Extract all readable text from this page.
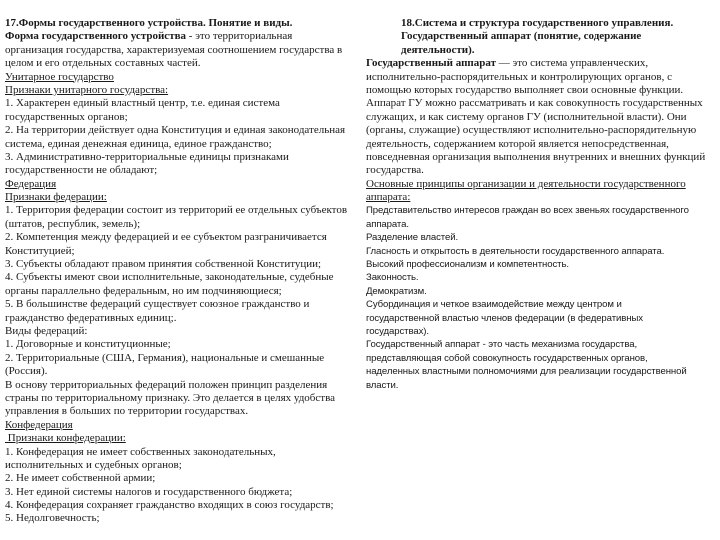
17.Формы государственного устройства. Понятие и виды.
Форма государственного устройства - это территориальная
организация государства, характеризуемая соотношением государства в
целом и его отдельных составных частей.
Унитарное государство
Признаки унитарного государства:
1. Характерен единый властный центр, т.е. единая система
государственных органов;
2. На территории действует одна Конституция и единая законодательная
система, единая денежная единица, единое гражданство;
3. Административно-территориальные единицы признаками
государственности не обладают;
Федерация
Признаки федерации:
1. Территория федерации состоит из территорий ее отдельных субъектов
(штатов, республик, земель);
2. Компетенция между федерацией и ее субъектом разграничивается
Конституцией;
3. Субъекты обладают правом принятия собственной Конституции;
4. Субъекты имеют свои исполнительные, законодательные, судебные
органы параллельно федеральным, но им подчиняющиеся;
5. В большинстве федераций существует союзное гражданство и
гражданство федеративных единиц;.
Виды федераций:
1. Договорные и конституционные;
2. Территориальные (США, Германия), национальные и смешанные
(Россия).
В основу территориальных федераций положен принцип разделения
страны по территориальному признаку. Это делается в целях удобства
управления в больших по территории государствах.
Конфедерация
Признаки конфедерации:
1. Конфедерация не имеет собственных законодательных,
исполнительных и судебных органов;
2. Не имеет собственной армии;
3. Нет единой системы налогов и государственного бюджета;
4. Конфедерация сохраняет гражданство входящих в союз государств;
5. Недолговечность;
18.Система и структура государственного управления.
Государственный аппарат (понятие, содержание
деятельности).
Государственный аппарат — это система управленческих,
исполнительно-распорядительных и контролирующих органов, с
помощью которых государство выполняет свои основные функции.
Аппарат ГУ можно рассматривать и как совокупность государственных
служащих, и как систему органов ГУ (исполнительной власти). Они
(органы, служащие) осуществляют исполнительно-распорядительную
деятельность, содержанием которой является непосредственная,
повседневная организация выполнения внутренних и внешних функций
государства.
Основные принципы организации и деятельности государственного
аппарата:
Представительство интересов граждан во всех звеньях государственного
аппарата.
Разделение властей.
Гласность и открытость в деятельности государственного аппарата.
Высокий профессионализм и компетентность.
Законность.
Демократизм.
Субординация и четкое взаимодействие между центром и
государственной властью членов федерации (в федеративных
государствах).
Государственный аппарат - это часть механизма государства,
представляющая собой совокупность государственных органов,
наделенных властными полномочиями для реализации государственной
власти.
